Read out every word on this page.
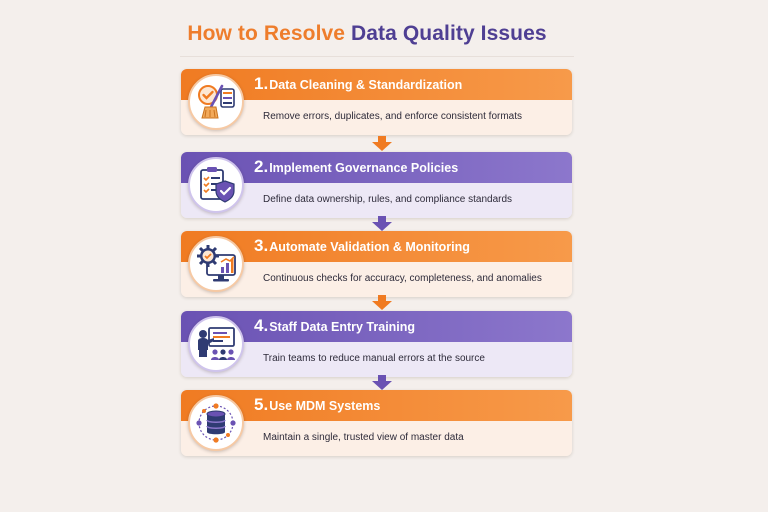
How to Resolve Data Quality Issues
1. Data Cleaning & Standardization
Remove errors, duplicates, and enforce consistent formats
2. Implement Governance Policies
Define data ownership, rules, and compliance standards
3. Automate Validation & Monitoring
Continuous checks for accuracy, completeness, and anomalies
4. Staff Data Entry Training
Train teams to reduce manual errors at the source
5. Use MDM Systems
Maintain a single, trusted view of master data
